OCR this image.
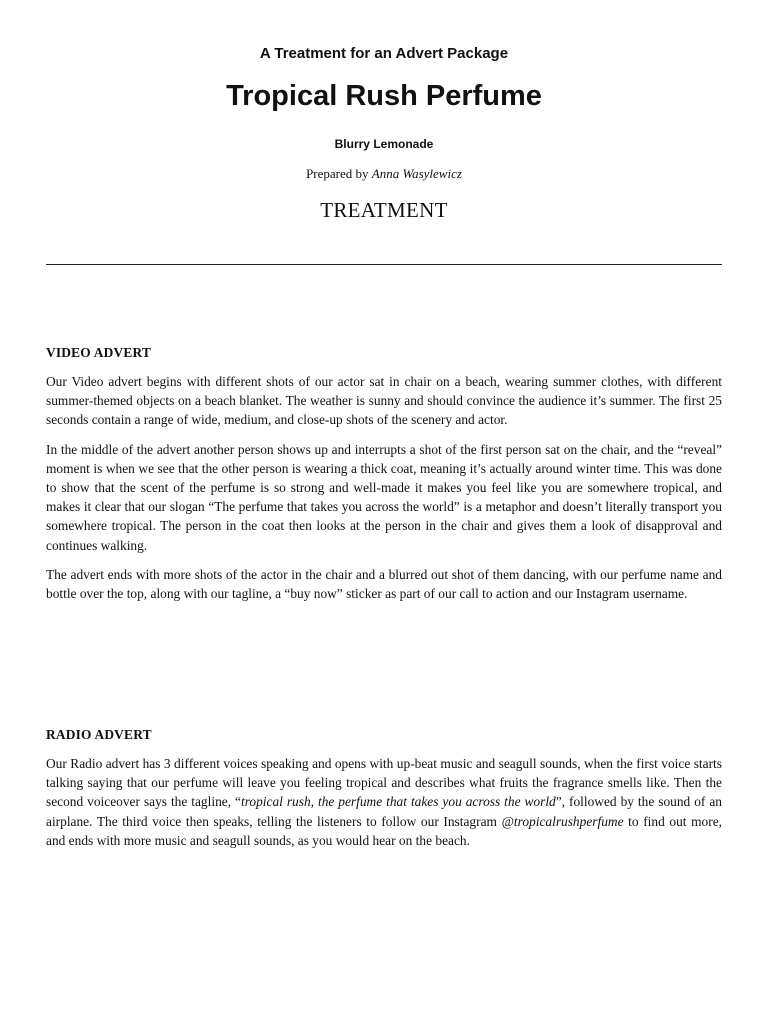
A Treatment for an Advert Package
Tropical Rush Perfume
Blurry Lemonade
Prepared by Anna Wasylewicz
TREATMENT
VIDEO ADVERT

Our Video advert begins with different shots of our actor sat in chair on a beach, wearing summer clothes, with different summer-themed objects on a beach blanket. The weather is sunny and should convince the audience it’s summer. The first 25 seconds contain a range of wide, medium, and close-up shots of the scenery and actor.

In the middle of the advert another person shows up and interrupts a shot of the first person sat on the chair, and the “reveal” moment is when we see that the other person is wearing a thick coat, meaning it’s actually around winter time. This was done to show that the scent of the perfume is so strong and well-made it makes you feel like you are somewhere tropical, and makes it clear that our slogan “The perfume that takes you across the world” is a metaphor and doesn’t literally transport you somewhere tropical. The person in the coat then looks at the person in the chair and gives them a look of disapproval and continues walking.

The advert ends with more shots of the actor in the chair and a blurred out shot of them dancing, with our perfume name and bottle over the top, along with our tagline, a “buy now” sticker as part of our call to action and our Instagram username.

RADIO ADVERT

Our Radio advert has 3 different voices speaking and opens with up-beat music and seagull sounds, when the first voice starts talking saying that our perfume will leave you feeling tropical and describes what fruits the fragrance smells like. Then the second voiceover says the tagline, “tropical rush, the perfume that takes you across the world”, followed by the sound of an airplane. The third voice then speaks, telling the listeners to follow our Instagram @tropicalrushperfume to find out more, and ends with more music and seagull sounds, as you would hear on the beach.
